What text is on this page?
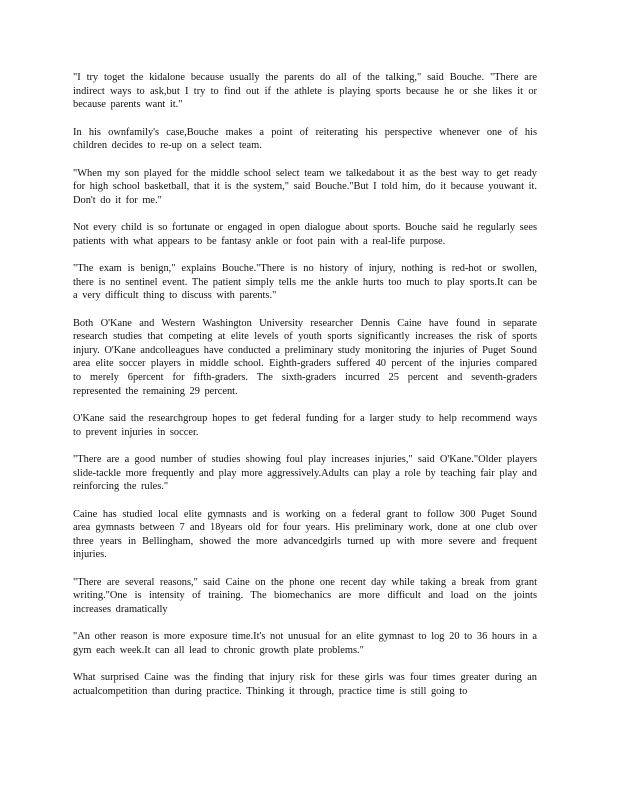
"I try toget the kidalone because usually the parents do all of the talking," said Bouche. "There are indirect ways to ask,but I try to find out if the athlete is playing sports because he or she likes it or because parents want it."

In his ownfamily's case,Bouche makes a point of reiterating his perspective whenever one of his children decides to re-up on a select team.

"When my son played for the middle school select team we talkedabout it as the best way to get ready for high school basketball, that it is the system," said Bouche."But I told him, do it because youwant it. Don't do it for me."

Not every child is so fortunate or engaged in open dialogue about sports. Bouche said he regularly sees patients with what appears to be fantasy ankle or foot pain with a real-life purpose.

"The exam is benign," explains Bouche."There is no history of injury, nothing is red-hot or swollen, there is no sentinel event. The patient simply tells me the ankle hurts too much to play sports.It can be a very difficult thing to discuss with parents."

Both O'Kane and Western Washington University researcher Dennis Caine have found in separate research studies that competing at elite levels of youth sports significantly increases the risk of sports injury. O'Kane andcolleagues have conducted a preliminary study monitoring the injuries of Puget Sound area elite soccer players in middle school. Eighth-graders suffered 40 percent of the injuries compared to merely 6percent for fifth-graders. The sixth-graders incurred 25 percent and seventh-graders represented the remaining 29 percent.

O'Kane said the researchgroup hopes to get federal funding for a larger study to help recommend ways to prevent injuries in soccer.

"There are a good number of studies showing foul play increases injuries," said O'Kane."Older players slide-tackle more frequently and play more aggressively.Adults can play a role by teaching fair play and reinforcing the rules."

Caine has studied local elite gymnasts and is working on a federal grant to follow 300 Puget Sound area gymnasts between 7 and 18years old for four years. His preliminary work, done at one club over three years in Bellingham, showed the more advancedgirls turned up with more severe and frequent injuries.

"There are several reasons," said Caine on the phone one recent day while taking a break from grant writing."One is intensity of training. The biomechanics are more difficult and load on the joints increases dramatically

"An other reason is more exposure time.It's not unusual for an elite gymnast to log 20 to 36 hours in a gym each week.It can all lead to chronic growth plate problems."

What surprised Caine was the finding that injury risk for these girls was four times greater during an actualcompetition than during practice. Thinking it through, practice time is still going to
